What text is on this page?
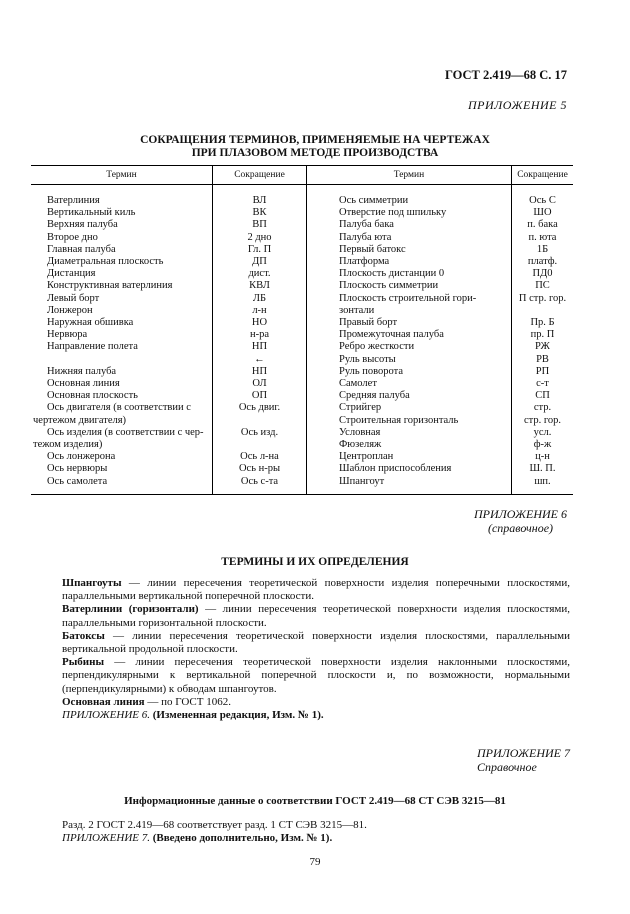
ГОСТ 2.419—68 С. 17
ПРИЛОЖЕНИЕ 5
СОКРАЩЕНИЯ ТЕРМИНОВ, ПРИМЕНЯЕМЫЕ НА ЧЕРТЕЖАХ
ПРИ ПЛАЗОВОМ МЕТОДЕ ПРОИЗВОДСТВА
Термин	Сокращение	Термин	Сокращение

Ватерлиния	ВЛ	Ось симметрии	Ось С
Вертикальный киль	ВК	Отверстие под шпильку	ШО
Верхняя палуба	ВП	Палуба бака	п. бака
Второе дно	2 дно	Палуба юта	п. юта
Главная палуба	Гл. П	Первый батокс	1Б
Диаметральная плоскость	ДП	Платформа	платф.
Дистанция	дист.	Плоскость дистанции 0	ПД0
Конструктивная ватерлиния	КВЛ	Плоскость симметрии	ПС
Левый борт	ЛБ	Плоскость строительной гори-	П стр. гор.
Лонжерон	л-н	зонтали	
Наружная обшивка	НО	Правый борт	Пр. Б
Нервюра	н-ра	Промежуточная палуба	пр. П
Направление полета	НП	Ребро жесткости	РЖ
	←	Руль высоты	РВ
Нижняя палуба	НП	Руль поворота	РП
Основная линия	ОЛ	Самолет	с-т
Основная плоскость	ОП	Средняя палуба	СП
Ось двигателя (в соответствии с	Ось двиг.	Стрийгер	стр.
чертежом двигателя)		Строительная горизонталь	стр. гор.
Ось изделия (в соответствии с чер-	Ось изд.	Условная	усл.
тежом изделия)		Фюзеляж	ф-ж
Ось лонжерона	Ось л-на	Центроплан	ц-н
Ось нервюры	Ось н-ры	Шаблон приспособления	Ш. П.
Ось самолета	Ось с-та	Шпангоут	шп.
ПРИЛОЖЕНИЕ 6
(справочное)
ТЕРМИНЫ И ИХ ОПРЕДЕЛЕНИЯ
Шпангоуты — линии пересечения теоретической поверхности изделия поперечными плоскостями, параллельными вертикальной поперечной плоскости.
Ватерлинии (горизонтали) — линии пересечения теоретической поверхности изделия плоскостями, параллельными горизонтальной плоскости.
Батоксы — линии пересечения теоретической поверхности изделия плоскостями, параллельными вертикальной продольной плоскости.
Рыбины — линии пересечения теоретической поверхности изделия наклонными плоскостями, перпендикулярными к вертикальной поперечной плоскости и, по возможности, нормальными (перпендикулярными) к обводам шпангоутов.
Основная линия — по ГОСТ 1062.
ПРИЛОЖЕНИЕ 6. (Измененная редакция, Изм. № 1).
ПРИЛОЖЕНИЕ 7
Справочное
Информационные данные о соответствии ГОСТ 2.419—68 СТ СЭВ 3215—81
Разд. 2 ГОСТ 2.419—68 соответствует разд. 1 СТ СЭВ 3215—81.
ПРИЛОЖЕНИЕ 7. (Введено дополнительно, Изм. № 1).
79
